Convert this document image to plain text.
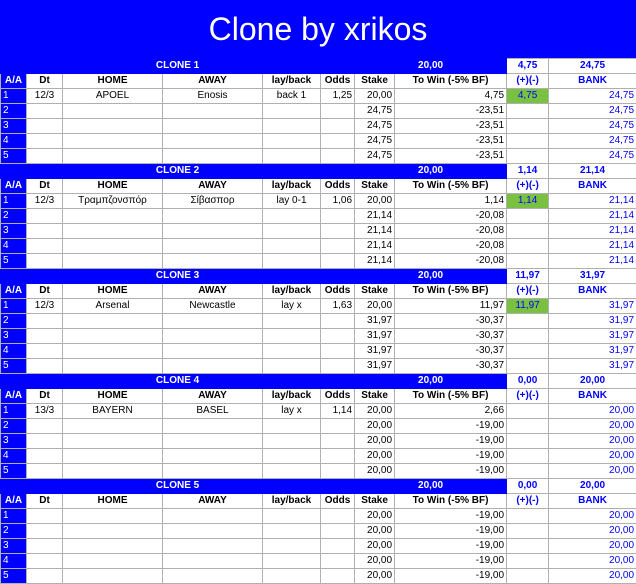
Clone by xrikos
CLONE 1						20,00		4,75	24,75
A/A	Dt	HOME	AWAY	lay/back	Odds	Stake	To Win (-5% BF)	(+)(-)	BANK
1	12/3	APOEL	Enosis	back 1	1,25	20,00	4,75	4,75	24,75
2						24,75	-23,51		24,75
3						24,75	-23,51		24,75
4						24,75	-23,51		24,75
5						24,75	-23,51		24,75
CLONE 2						20,00		1,14	21,14
A/A	Dt	HOME	AWAY	lay/back	Odds	Stake	To Win (-5% BF)	(+)(-)	BANK
1	12/3	Τραμπζονσπόρ	Σίβασπορ	lay 0-1	1,06	20,00	1,14	1,14	21,14
2						21,14	-20,08		21,14
3						21,14	-20,08		21,14
4						21,14	-20,08		21,14
5						21,14	-20,08		21,14
CLONE 3						20,00		11,97	31,97
A/A	Dt	HOME	AWAY	lay/back	Odds	Stake	To Win (-5% BF)	(+)(-)	BANK
1	12/3	Arsenal	Newcastle	lay x	1,63	20,00	11,97	11,97	31,97
2						31,97	-30,37		31,97
3						31,97	-30,37		31,97
4						31,97	-30,37		31,97
5						31,97	-30,37		31,97
CLONE 4						20,00		0,00	20,00
A/A	Dt	HOME	AWAY	lay/back	Odds	Stake	To Win (-5% BF)	(+)(-)	BANK
1	13/3	BAYERN	BASEL	lay x	1,14	20,00	2,66		20,00
2						20,00	-19,00		20,00
3						20,00	-19,00		20,00
4						20,00	-19,00		20,00
5						20,00	-19,00		20,00
CLONE 5						20,00		0,00	20,00
A/A	Dt	HOME	AWAY	lay/back	Odds	Stake	To Win (-5% BF)	(+)(-)	BANK
1						20,00	-19,00		20,00
2						20,00	-19,00		20,00
3						20,00	-19,00		20,00
4						20,00	-19,00		20,00
5						20,00	-19,00		20,00
